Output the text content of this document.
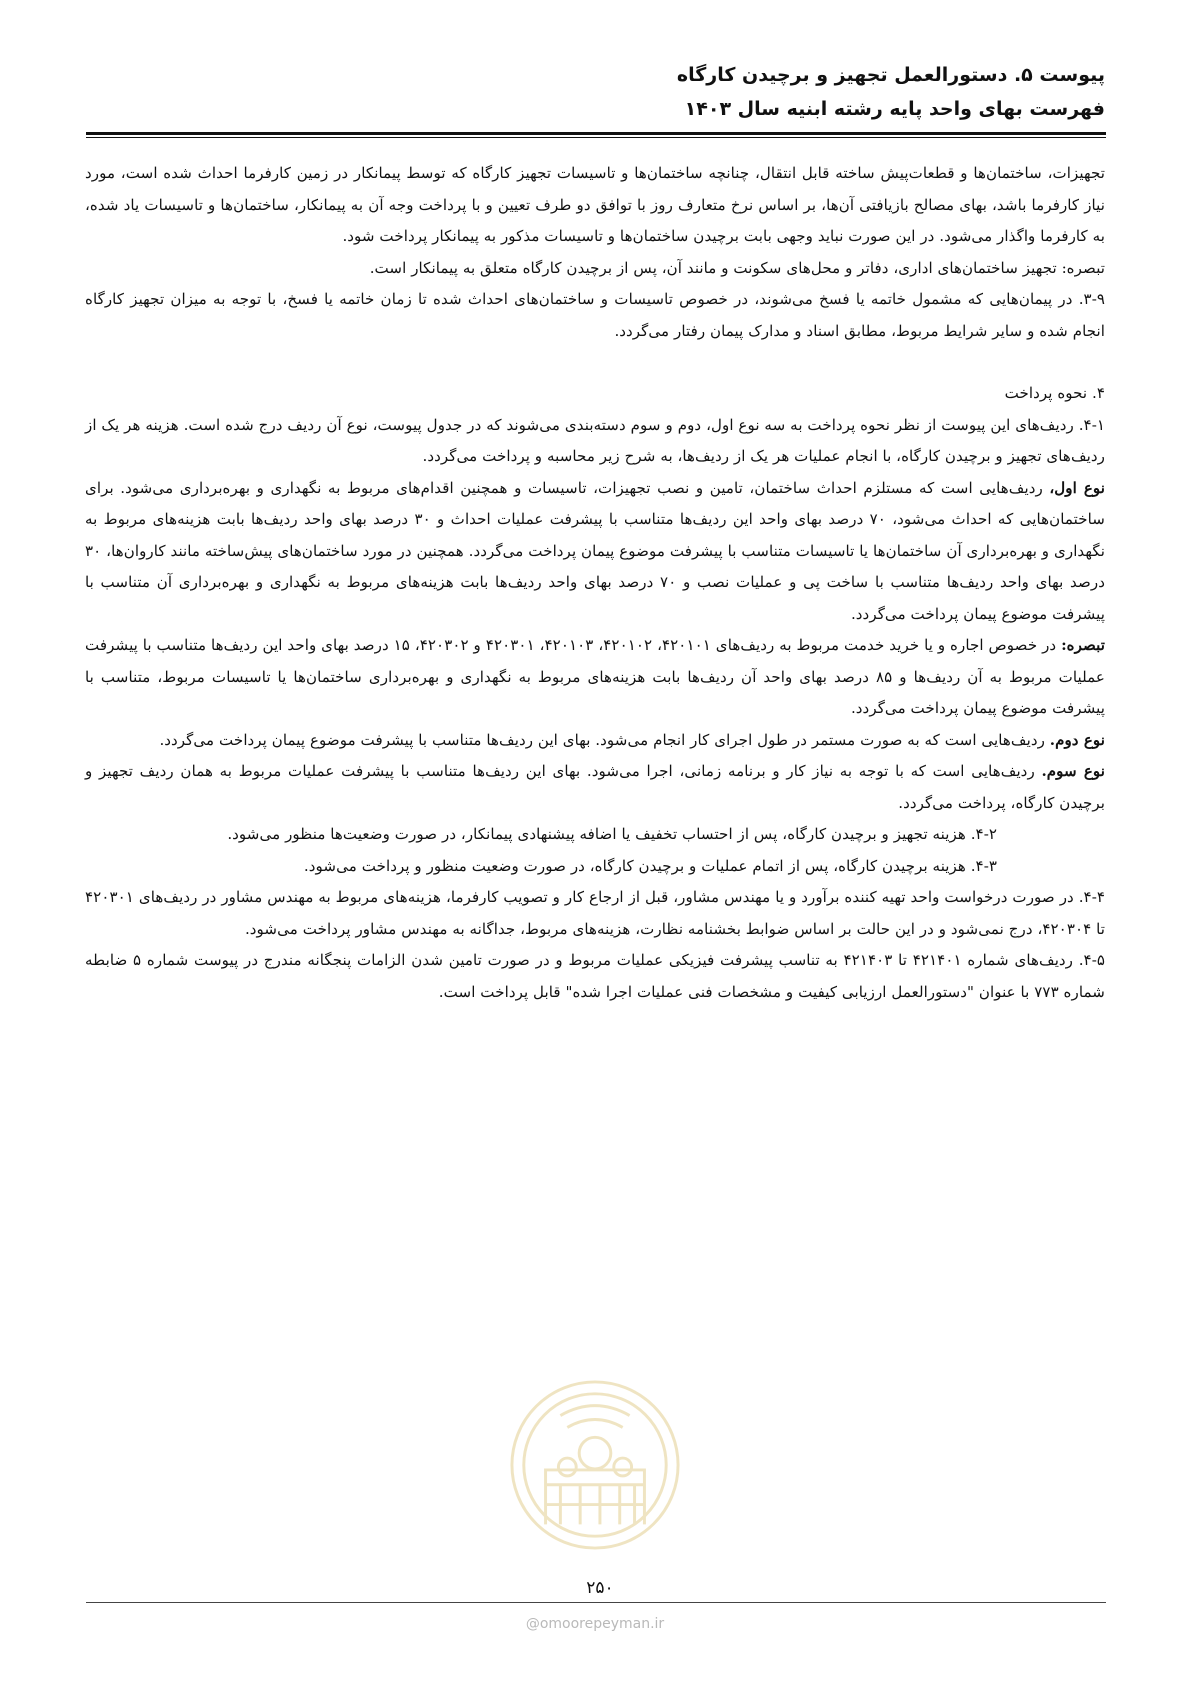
پیوست ۵. دستورالعمل تجهیز و برچیدن کارگاه
فهرست بهای واحد پایه رشته ابنیه سال ۱۴۰۳

تجهیزات، ساختمان‌ها و قطعات‌پیش ساخته قابل انتقال، چنانچه ساختمان‌ها و تاسیسات تجهیز کارگاه که توسط پیمانکار در زمین کارفرما احداث شده است، مورد نیاز کارفرما باشد، بهای مصالح بازیافتی آن‌ها، بر اساس نرخ متعارف روز با توافق دو طرف تعیین و با پرداخت وجه آن به پیمانکار، ساختمان‌ها و تاسیسات یاد شده، به کارفرما واگذار می‌شود. در این صورت نباید وجهی بابت برچیدن ساختمان‌ها و تاسیسات مذکور به پیمانکار پرداخت شود.

تبصره: تجهیز ساختمان‌های اداری، دفاتر و محل‌های سکونت و مانند آن، پس از برچیدن کارگاه متعلق به پیمانکار است.

۳-۹. در پیمان‌هایی که مشمول خاتمه یا فسخ می‌شوند، در خصوص تاسیسات و ساختمان‌های احداث شده تا زمان خاتمه یا فسخ، با توجه به میزان تجهیز کارگاه انجام شده و سایر شرایط مربوط، مطابق اسناد و مدارک پیمان رفتار می‌گردد.

۴. نحوه پرداخت

۴-۱. ردیف‌های این پیوست از نظر نحوه پرداخت به سه نوع اول، دوم و سوم دسته‌بندی می‌شوند که در جدول پیوست، نوع آن ردیف درج شده است. هزینه هر یک از ردیف‌های تجهیز و برچیدن کارگاه، با انجام عملیات هر یک از ردیف‌ها، به شرح زیر محاسبه و پرداخت می‌گردد.

نوع اول، ردیف‌هایی است که مستلزم احداث ساختمان، تامین و نصب تجهیزات، تاسیسات و همچنین اقدام‌های مربوط به نگهداری و بهره‌برداری می‌شود. برای ساختمان‌هایی که احداث می‌شود، ۷۰ درصد بهای واحد این ردیف‌ها متناسب با پیشرفت عملیات احداث و ۳۰ درصد بهای واحد ردیف‌ها بابت هزینه‌های مربوط به نگهداری و بهره‌برداری آن ساختمان‌ها یا تاسیسات متناسب با پیشرفت موضوع پیمان پرداخت می‌گردد. همچنین در مورد ساختمان‌های پیش‌ساخته مانند کاروان‌ها، ۳۰ درصد بهای واحد ردیف‌ها متناسب با ساخت پی و عملیات نصب و ۷۰ درصد بهای واحد ردیف‌ها بابت هزینه‌های مربوط به نگهداری و بهره‌برداری آن متناسب با پیشرفت موضوع پیمان پرداخت می‌گردد.

تبصره: در خصوص اجاره و یا خرید خدمت مربوط به ردیف‌های ۴۲۰۱۰۱، ۴۲۰۱۰۲، ۴۲۰۱۰۳، ۴۲۰۳۰۱ و ۴۲۰۳۰۲، ۱۵ درصد بهای واحد این ردیف‌ها متناسب با پیشرفت عملیات مربوط به آن ردیف‌ها و ۸۵ درصد بهای واحد آن ردیف‌ها بابت هزینه‌های مربوط به نگهداری و بهره‌برداری ساختمان‌ها یا تاسیسات مربوط، متناسب با پیشرفت موضوع پیمان پرداخت می‌گردد.

نوع دوم. ردیف‌هایی است که به صورت مستمر در طول اجرای کار انجام می‌شود. بهای این ردیف‌ها متناسب با پیشرفت موضوع پیمان پرداخت می‌گردد.

نوع سوم. ردیف‌هایی است که با توجه به نیاز کار و برنامه زمانی، اجرا می‌شود. بهای این ردیف‌ها متناسب با پیشرفت عملیات مربوط به همان ردیف تجهیز و برچیدن کارگاه، پرداخت می‌گردد.

۴-۲. هزینه تجهیز و برچیدن کارگاه، پس از احتساب تخفیف یا اضافه پیشنهادی پیمانکار، در صورت وضعیت‌ها منظور می‌شود.

۴-۳. هزینه برچیدن کارگاه، پس از اتمام عملیات و برچیدن کارگاه، در صورت وضعیت منظور و پرداخت می‌شود.

۴-۴. در صورت درخواست واحد تهیه کننده برآورد و یا مهندس مشاور، قبل از ارجاع کار و تصویب کارفرما، هزینه‌های مربوط به مهندس مشاور در ردیف‌های ۴۲۰۳۰۱ تا ۴۲۰۳۰۴، درج نمی‌شود و در این حالت بر اساس ضوابط بخشنامه نظارت، هزینه‌های مربوط، جداگانه به مهندس مشاور پرداخت می‌شود.

۴-۵. ردیف‌های شماره ۴۲۱۴۰۱ تا ۴۲۱۴۰۳ به تناسب پیشرفت فیزیکی عملیات مربوط و در صورت تامین شدن الزامات پنجگانه مندرج در پیوست شماره ۵ ضابطه شماره ۷۷۳ با عنوان "دستورالعمل ارزیابی کیفیت و مشخصات فنی عملیات اجرا شده" قابل پرداخت است.

۲۵۰
@omoorepeyman.ir
